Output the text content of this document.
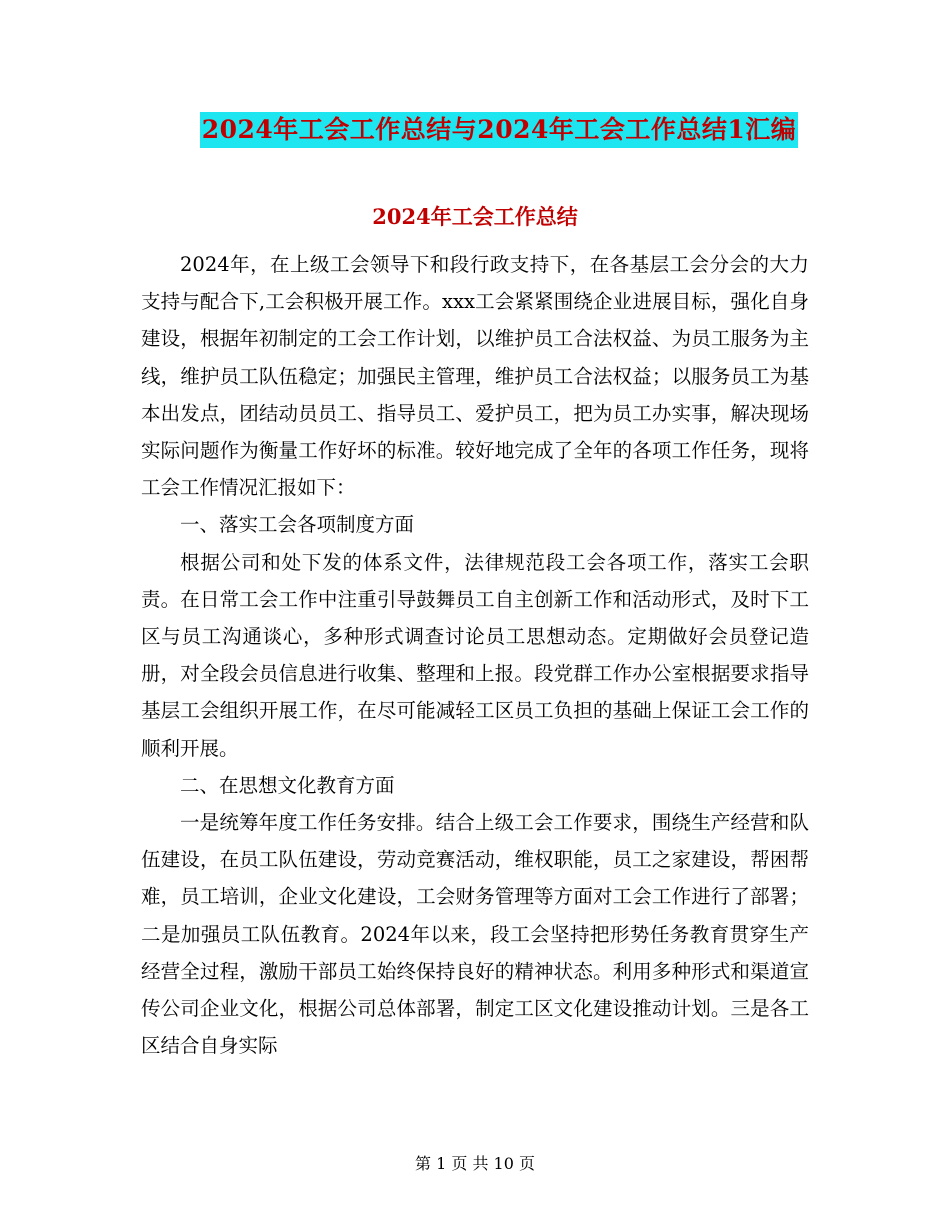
2024年工会工作总结与2024年工会工作总结1汇编
2024年工会工作总结

2024年，在上级工会领导下和段行政支持下，在各基层工会分会的大力支持与配合下,工会积极开展工作。xxx工会紧紧围绕企业进展目标，强化自身建设，根据年初制定的工会工作计划，以维护员工合法权益、为员工服务为主线，维护员工队伍稳定；加强民主管理，维护员工合法权益；以服务员工为基本出发点，团结动员员工、指导员工、爱护员工，把为员工办实事，解决现场实际问题作为衡量工作好坏的标准。较好地完成了全年的各项工作任务，现将工会工作情况汇报如下：

一、落实工会各项制度方面

根据公司和处下发的体系文件，法律规范段工会各项工作，落实工会职责。在日常工会工作中注重引导鼓舞员工自主创新工作和活动形式，及时下工区与员工沟通谈心，多种形式调查讨论员工思想动态。定期做好会员登记造册，对全段会员信息进行收集、整理和上报。段党群工作办公室根据要求指导基层工会组织开展工作，在尽可能减轻工区员工负担的基础上保证工会工作的顺利开展。

二、在思想文化教育方面

一是统筹年度工作任务安排。结合上级工会工作要求，围绕生产经营和队伍建设，在员工队伍建设，劳动竞赛活动，维权职能，员工之家建设，帮困帮难，员工培训，企业文化建设，工会财务管理等方面对工会工作进行了部署；二是加强员工队伍教育。2024年以来，段工会坚持把形势任务教育贯穿生产经营全过程，激励干部员工始终保持良好的精神状态。利用多种形式和渠道宣传公司企业文化，根据公司总体部署，制定工区文化建设推动计划。三是各工区结合自身实际

第 1 页 共 10 页
